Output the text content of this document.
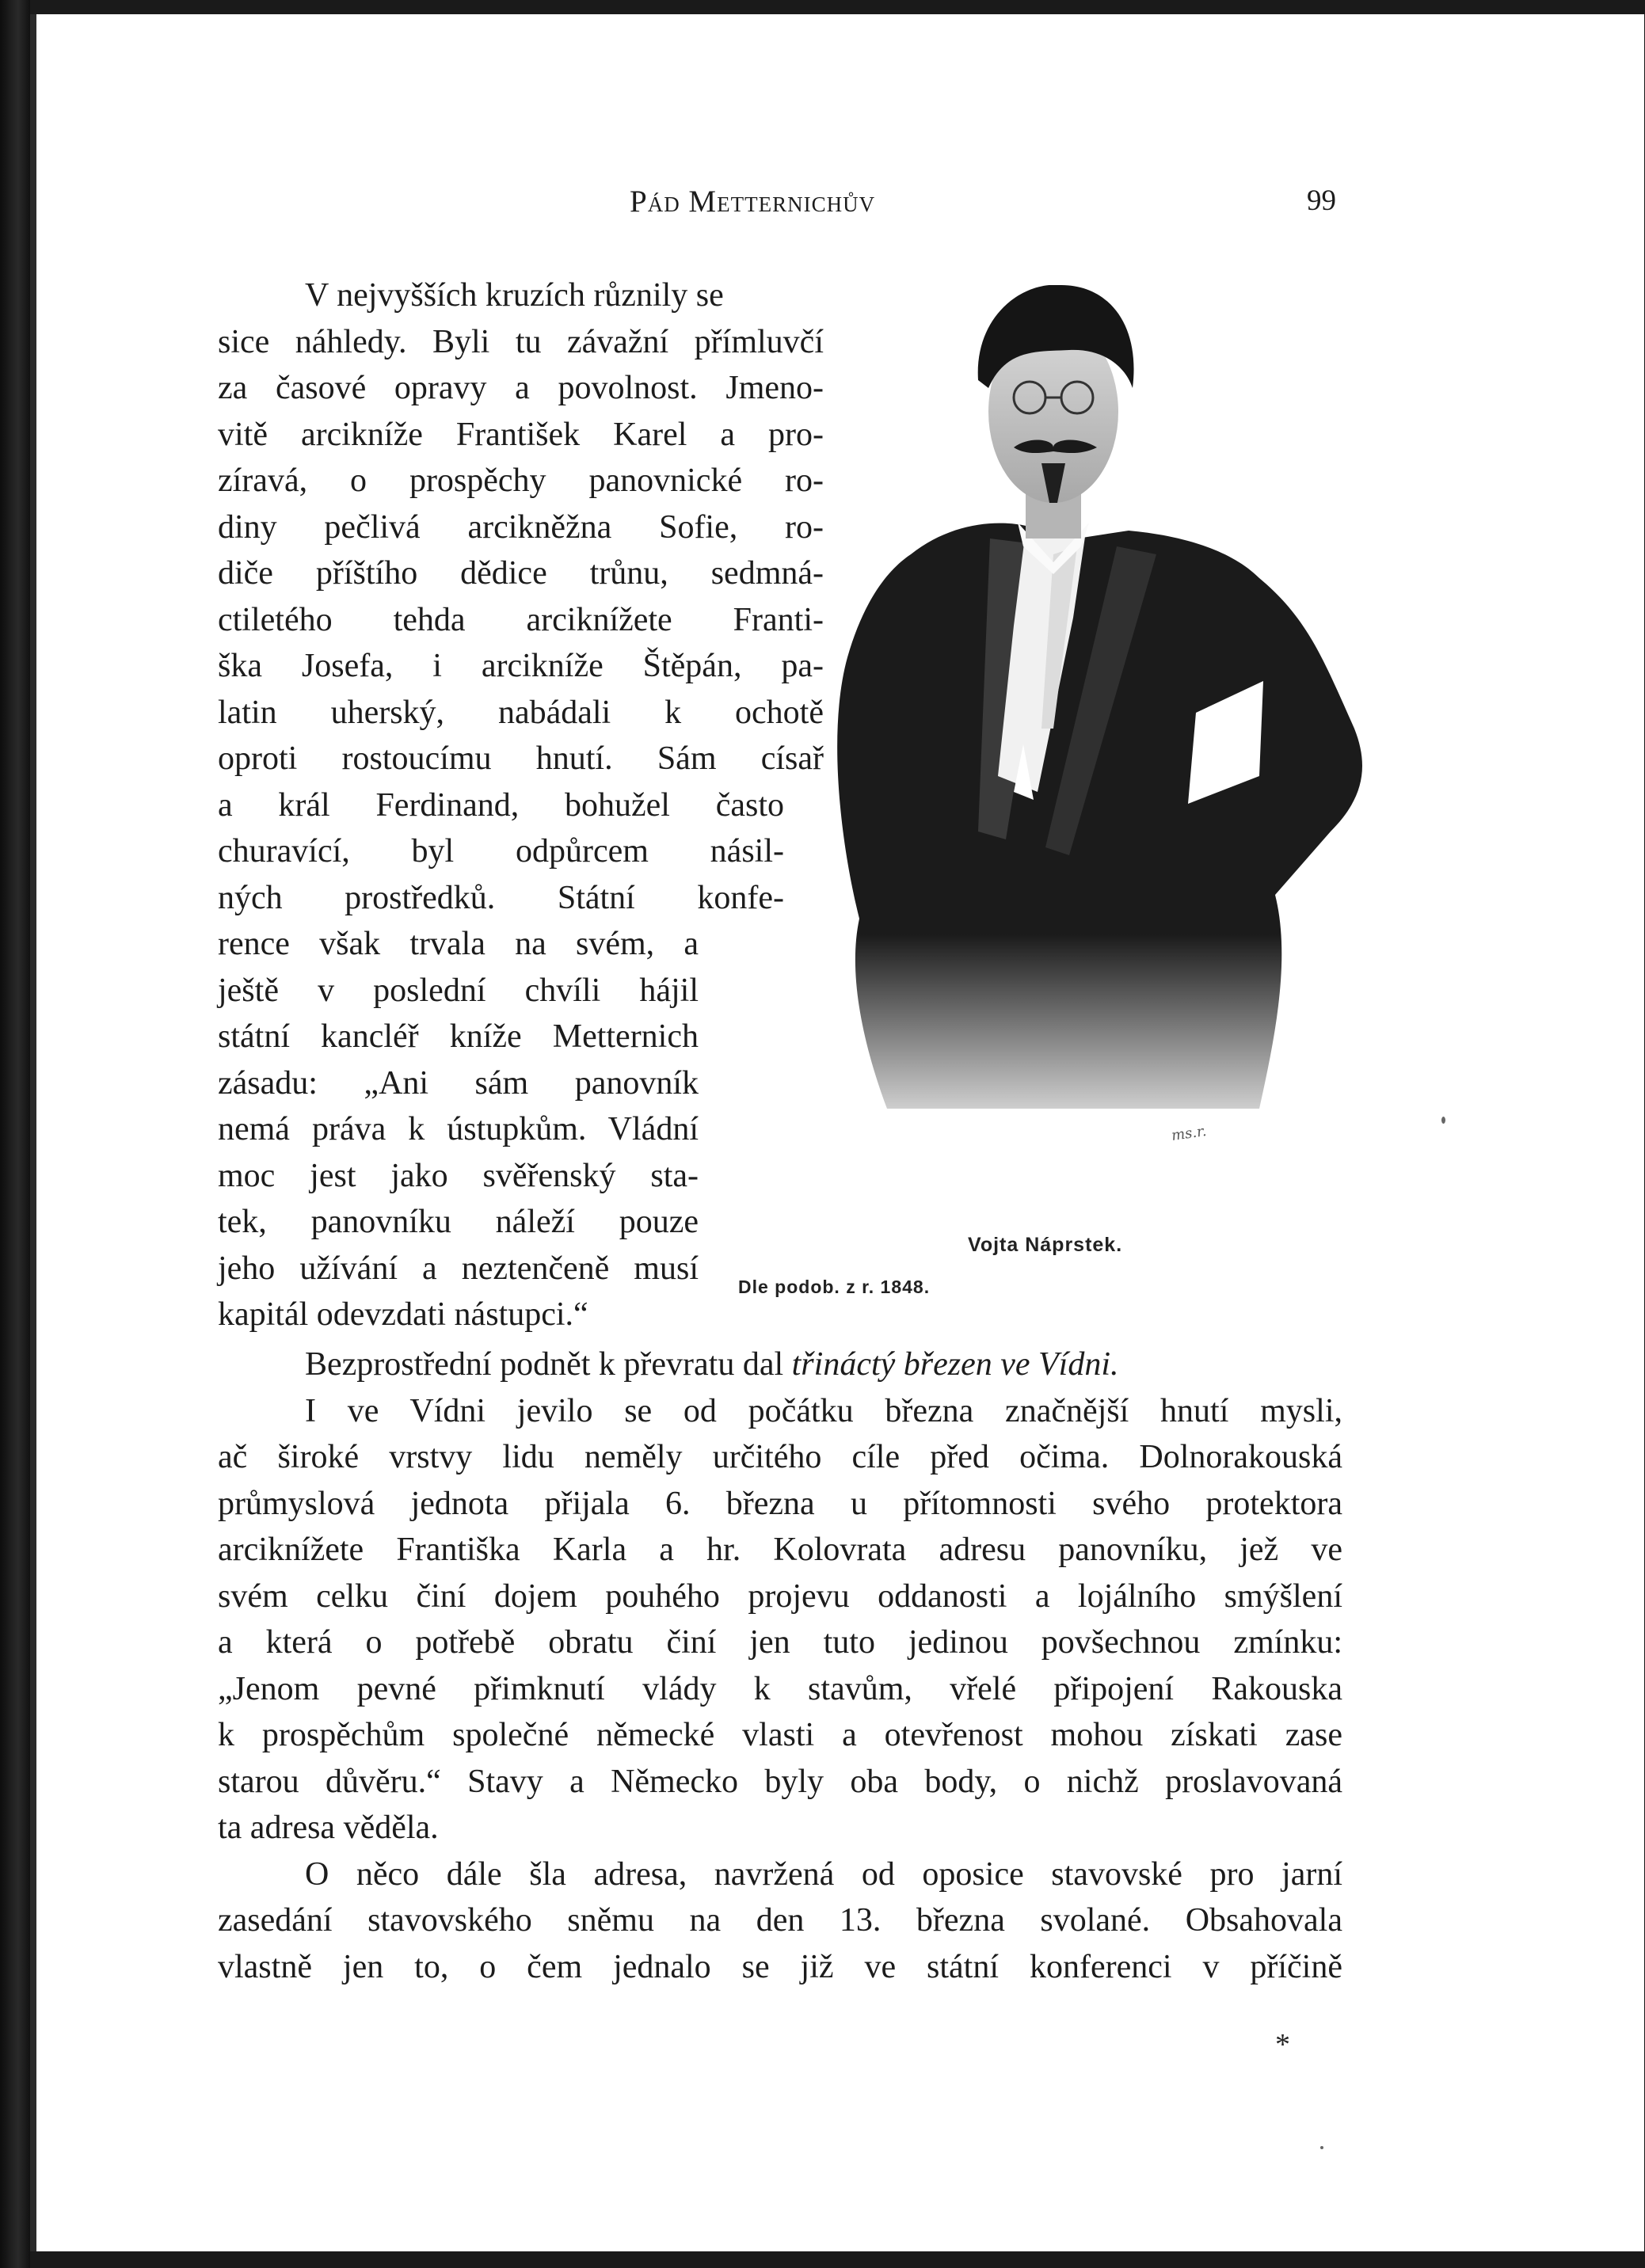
Pád Metternichův	99
V nejvyšších kruzích různily se
sice náhledy. Byli tu závažní přímluvčí
za časové opravy a povolnost. Jmeno-
vitě arcikníže František Karel a pro-
zíravá, o prospěchy panovnické ro-
diny pečlivá arcikněžna Sofie, ro-
diče příštího dědice trůnu, sedmná-
ctiletého tehda arciknížete Franti-
ška Josefa, i arcikníže Štěpán, pa-
latin uherský, nabádali k ochotě
oproti rostoucímu hnutí. Sám císař
a král Ferdinand, bohužel často
churavící, byl odpůrcem násil-
ných prostředků. Státní konfe-
rence však trvala na svém, a
ještě v poslední chvíli hájil
státní kancléř kníže Metternich
zásadu: „Ani sám panovník
nemá práva k ústupkům. Vládní
moc jest jako svěřenský sta-
tek, panovníku náleží pouze
jeho užívání a neztenčeně musí
kapitál odevzdati nástupci.“
ms.r.
Vojta Náprstek.
Dle podob. z r. 1848.
Bezprostřední podnět k převratu dal třináctý březen ve Vídni.
I ve Vídni jevilo se od počátku března značnější hnutí mysli,
ač široké vrstvy lidu neměly určitého cíle před očima. Dolnorakouská
průmyslová jednota přijala 6. března u přítomnosti svého protektora
arciknížete Františka Karla a hr. Kolovrata adresu panovníku, jež ve
svém celku činí dojem pouhého projevu oddanosti a lojálního smýšlení
a která o potřebě obratu činí jen tuto jedinou povšechnou zmínku:
„Jenom pevné přimknutí vlády k stavům, vřelé připojení Rakouska
k prospěchům společné německé vlasti a otevřenost mohou získati zase
starou důvěru.“ Stavy a Německo byly oba body, o nichž proslavovaná
ta adresa věděla.
O něco dále šla adresa, navržená od oposice stavovské pro jarní
zasedání stavovského sněmu na den 13. března svolané. Obsahovala
vlastně jen to, o čem jednalo se již ve státní konferenci v příčině
*
